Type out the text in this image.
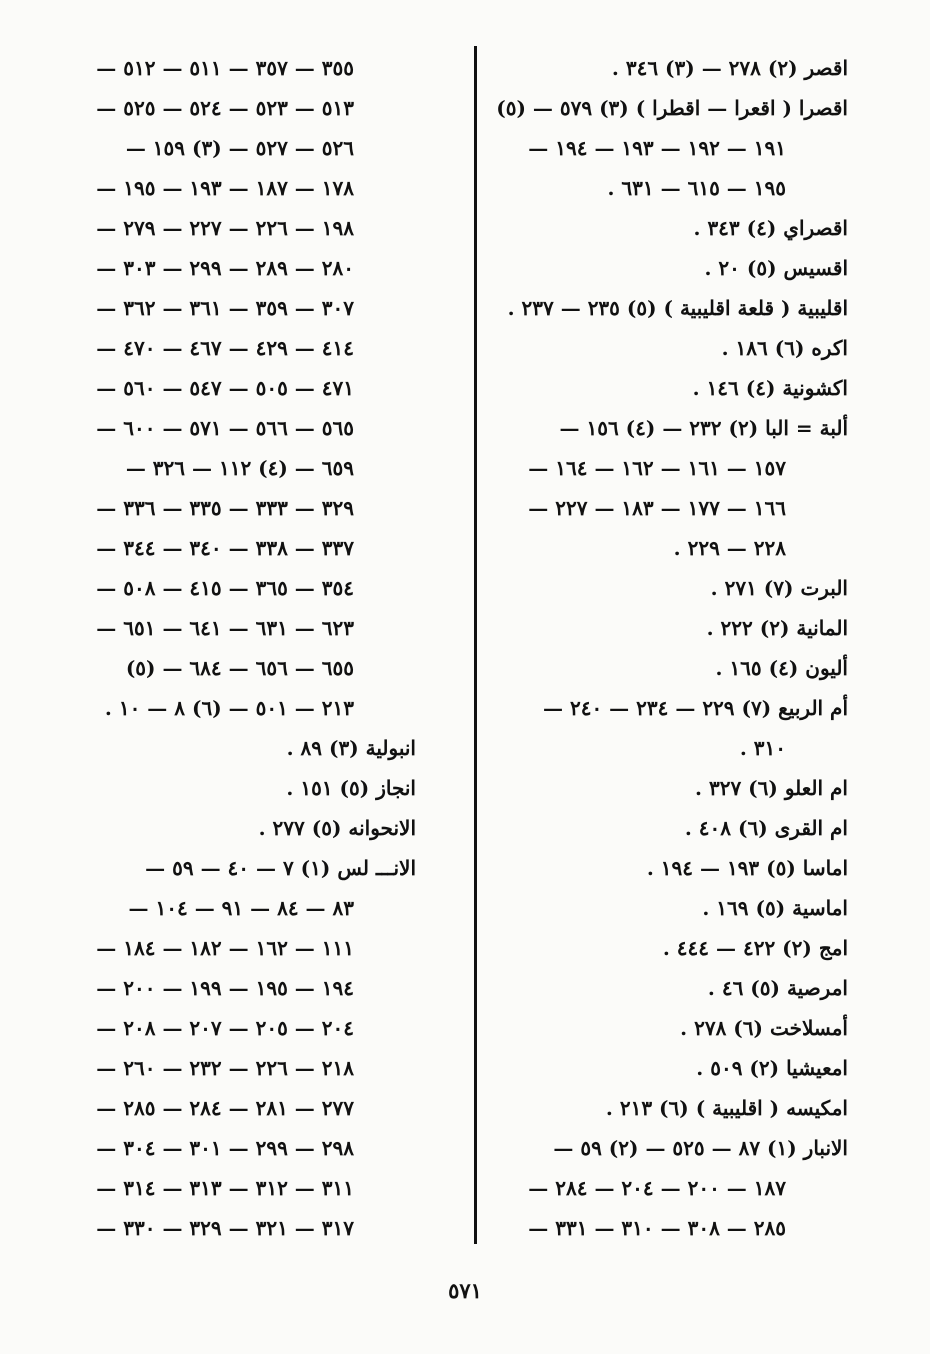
اقصر (٢) ٢٧٨ — (٣) ٣٤٦ .
اقصرا ( اقعرا — اقطرا ) (٣) ٥٧٩ — (٥)
١٩١ — ١٩٢ — ١٩٣ — ١٩٤ —
١٩٥ — ٦١٥ — ٦٣١ .
اقصراي (٤) ٣٤٣ .
اقسيس (٥) ٢٠ .
اقليبية ( قلعة اقليبية ) (٥) ٢٣٥ — ٢٣٧ .
اكره (٦) ١٨٦ .
اكشونية (٤) ١٤٦ .
ألبة = البا (٢) ٢٣٢ — (٤) ١٥٦ —
١٥٧ — ١٦١ — ١٦٢ — ١٦٤ —
١٦٦ — ١٧٧ — ١٨٣ — ٢٢٧ —
٢٢٨ — ٢٢٩ .
البرت (٧) ٢٧١ .
المانية (٢) ٢٢٢ .
أليون (٤) ١٦٥ .
أم الربيع (٧) ٢٢٩ — ٢٣٤ — ٢٤٠ —
٣١٠ .
ام العلو (٦) ٣٢٧ .
ام القرى (٦) ٤٠٨ .
اماسا (٥) ١٩٣ — ١٩٤ .
اماسية (٥) ١٦٩ .
امج (٢) ٤٢٢ — ٤٤٤ .
امرصية (٥) ٤٦ .
أمسلاخت (٦) ٢٧٨ .
امعيشيا (٢) ٥٠٩ .
امكيسه ( اقليبية ) (٦) ٢١٣ .
الانبار (١) ٨٧ — ٥٢٥ — (٢) ٥٩ —
١٨٧ — ٢٠٠ — ٢٠٤ — ٢٨٤ —
٢٨٥ — ٣٠٨ — ٣١٠ — ٣٣١ —
٣٥٥ — ٣٥٧ — ٥١١ — ٥١٢ —
٥١٣ — ٥٢٣ — ٥٢٤ — ٥٢٥ —
٥٢٦ — ٥٢٧ — (٣) ١٥٩ —
١٧٨ — ١٨٧ — ١٩٣ — ١٩٥ —
١٩٨ — ٢٢٦ — ٢٢٧ — ٢٧٩ —
٢٨٠ — ٢٨٩ — ٢٩٩ — ٣٠٣ —
٣٠٧ — ٣٥٩ — ٣٦١ — ٣٦٢ —
٤١٤ — ٤٢٩ — ٤٦٧ — ٤٧٠ —
٤٧١ — ٥٠٥ — ٥٤٧ — ٥٦٠ —
٥٦٥ — ٥٦٦ — ٥٧١ — ٦٠٠ —
٦٥٩ — (٤) ١١٢ — ٣٢٦ —
٣٢٩ — ٣٣٣ — ٣٣٥ — ٣٣٦ —
٣٣٧ — ٣٣٨ — ٣٤٠ — ٣٤٤ —
٣٥٤ — ٣٦٥ — ٤١٥ — ٥٠٨ —
٦٢٣ — ٦٣١ — ٦٤١ — ٦٥١ —
٦٥٥ — ٦٥٦ — ٦٨٤ — (٥)
٢١٣ — ٥٠١ — (٦) ٨ — ١٠ .
انبولية (٣) ٨٩ .
انجاز (٥) ١٥١ .
الانحوانه (٥) ٢٧٧ .
الانـــ لس (١) ٧ — ٤٠ — ٥٩ —
٨٣ — ٨٤ — ٩١ — ١٠٤ —
١١١ — ١٦٢ — ١٨٢ — ١٨٤ —
١٩٤ — ١٩٥ — ١٩٩ — ٢٠٠ —
٢٠٤ — ٢٠٥ — ٢٠٧ — ٢٠٨ —
٢١٨ — ٢٢٦ — ٢٣٢ — ٢٦٠ —
٢٧٧ — ٢٨١ — ٢٨٤ — ٢٨٥ —
٢٩٨ — ٢٩٩ — ٣٠١ — ٣٠٤ —
٣١١ — ٣١٢ — ٣١٣ — ٣١٤ —
٣١٧ — ٣٢١ — ٣٢٩ — ٣٣٠ —
٥٧١
